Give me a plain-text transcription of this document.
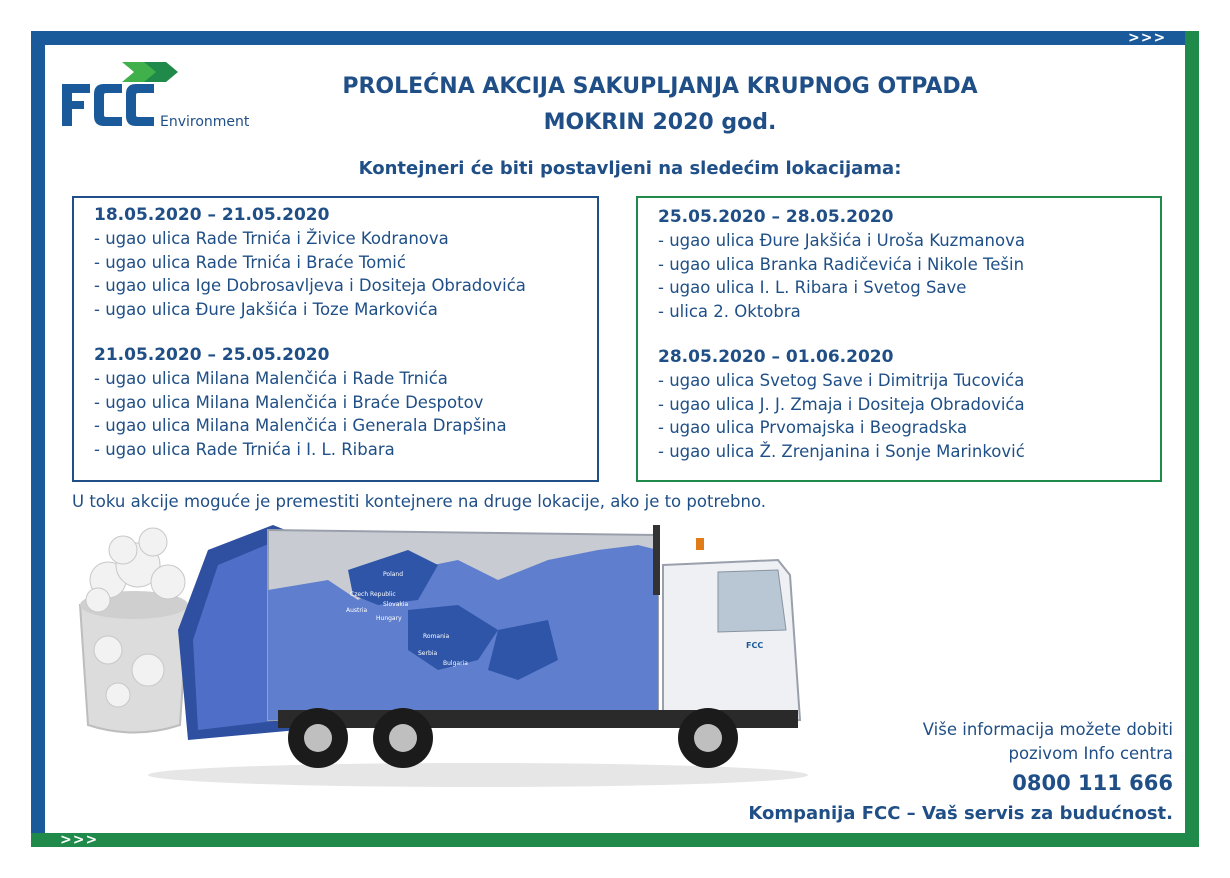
>>>
>>>
Environment
PROLEĆNA AKCIJA SAKUPLJANJA KRUPNOG OTPADA
MOKRIN 2020 god.
Kontejneri će biti postavljeni na sledećim lokacijama:

18.05.2020 – 21.05.2020

- ugao ulica Rade Trnića i Živice Kodranova

- ugao ulica Rade Trnića i Braće Tomić

- ugao ulica Ige Dobrosavljeva i Dositeja Obradovića

- ugao ulica Đure Jakšića i Toze Markovića

21.05.2020 – 25.05.2020

- ugao ulica Milana Malenčića i Rade Trnića

- ugao ulica Milana Malenčića i Braće Despotov

- ugao ulica Milana Malenčića i Generala Drapšina

- ugao ulica Rade Trnića i I. L. Ribara

25.05.2020 – 28.05.2020

- ugao ulica Đure Jakšića i Uroša Kuzmanova

- ugao ulica Branka Radičevića i Nikole Tešin

- ugao ulica I. L. Ribara i Svetog Save

- ulica 2. Oktobra

28.05.2020 – 01.06.2020

- ugao ulica Svetog Save i Dimitrija Tucovića

- ugao ulica J. J. Zmaja i Dositeja Obradovića

- ugao ulica Prvomajska i Beogradska

- ugao ulica Ž. Zrenjanina i Sonje Marinković

U toku akcije moguće je premestiti kontejnere na druge lokacije, ako je to potrebno.
Poland
Czech Republic
Slovakia
Austria
Hungary
Romania
Serbia
Bulgaria
FCC
Više informacija možete dobiti
pozivom Info centra
0800 111 666
Kompanija FCC – Vaš servis za budućnost.
